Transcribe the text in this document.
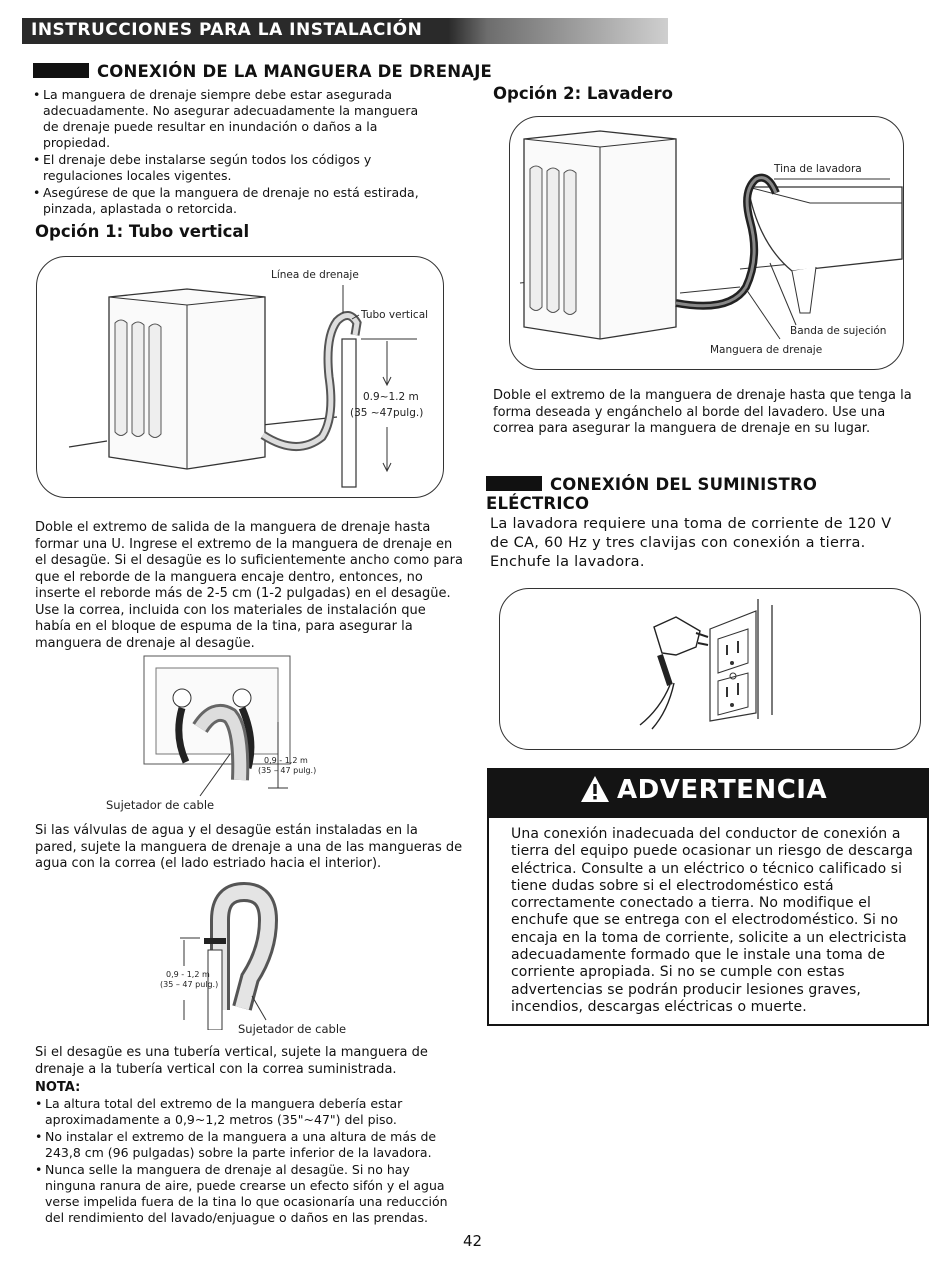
INSTRUCCIONES PARA LA INSTALACIÓN
CONEXIÓN DE LA MANGUERA DE DRENAJE
• La manguera de drenaje siempre debe estar asegurada adecuadamente. No asegurar adecuadamente la manguera de drenaje puede resultar en inundación o daños a la propiedad.
• El drenaje debe instalarse según todos los códigos y regulaciones locales vigentes.
• Asegúrese de que la manguera de drenaje no está estirada, pinzada, aplastada o retorcida.
Opción 1: Tubo vertical
Línea de drenaje
Tubo vertical
0.9~1.2 m
(35 ~47pulg.)
Doble el extremo de salida de la manguera de drenaje hasta formar una U. Ingrese el extremo de la manguera de drenaje en el desagüe. Si el desagüe es lo suficientemente ancho como para que el reborde de la manguera encaje dentro, entonces, no inserte el reborde más de 2-5 cm (1-2 pulgadas) en el desagüe. Use la correa, incluida con los materiales de instalación que había en el bloque de espuma de la tina, para asegurar la manguera de drenaje al desagüe.
0,9 - 1,2 m
(35 – 47 pulg.)
Sujetador de cable
Si las válvulas de agua y el desagüe están instaladas en la pared, sujete la manguera de drenaje a una de las mangueras de agua con la correa (el lado estriado hacia el interior).
0,9 - 1,2 m
(35 – 47 pulg.)
Sujetador de cable
Si el desagüe es una tubería vertical, sujete la manguera de drenaje a la tubería vertical con la correa suministrada.
NOTA:
• La altura total del extremo de la manguera debería estar aproximadamente a 0,9~1,2 metros (35"~47") del piso.
• No instalar el extremo de la manguera a una altura de más de 243,8 cm (96 pulgadas) sobre la parte inferior de la lavadora.
• Nunca selle la manguera de drenaje al desagüe. Si no hay ninguna ranura de aire, puede crearse un efecto sifón y el agua verse impelida fuera de la tina lo que ocasionaría una reducción del rendimiento del lavado/enjuague o daños en las prendas.
Opción 2: Lavadero
Tina de lavadora
Banda de sujeción
Manguera de drenaje
Doble el extremo de la manguera de drenaje hasta que tenga la forma deseada y engánchelo al borde del lavadero. Use una correa para asegurar la manguera de drenaje en su lugar.
CONEXIÓN DEL SUMINISTRO ELÉCTRICO
La lavadora requiere una toma de corriente de 120 V de CA, 60 Hz y tres clavijas con conexión a tierra. Enchufe la lavadora.
ADVERTENCIA
Una conexión inadecuada del conductor de conexión a tierra del equipo puede ocasionar un riesgo de descarga eléctrica. Consulte a un eléctrico o técnico calificado si tiene dudas sobre si el electrodoméstico está correctamente conectado a tierra. No modifique el enchufe que se entrega con el electrodoméstico. Si no encaja en la toma de corriente, solicite a un electricista adecuadamente formado que le instale una toma de corriente apropiada. Si no se cumple con estas advertencias se podrán producir lesiones graves, incendios, descargas eléctricas o muerte.
42
